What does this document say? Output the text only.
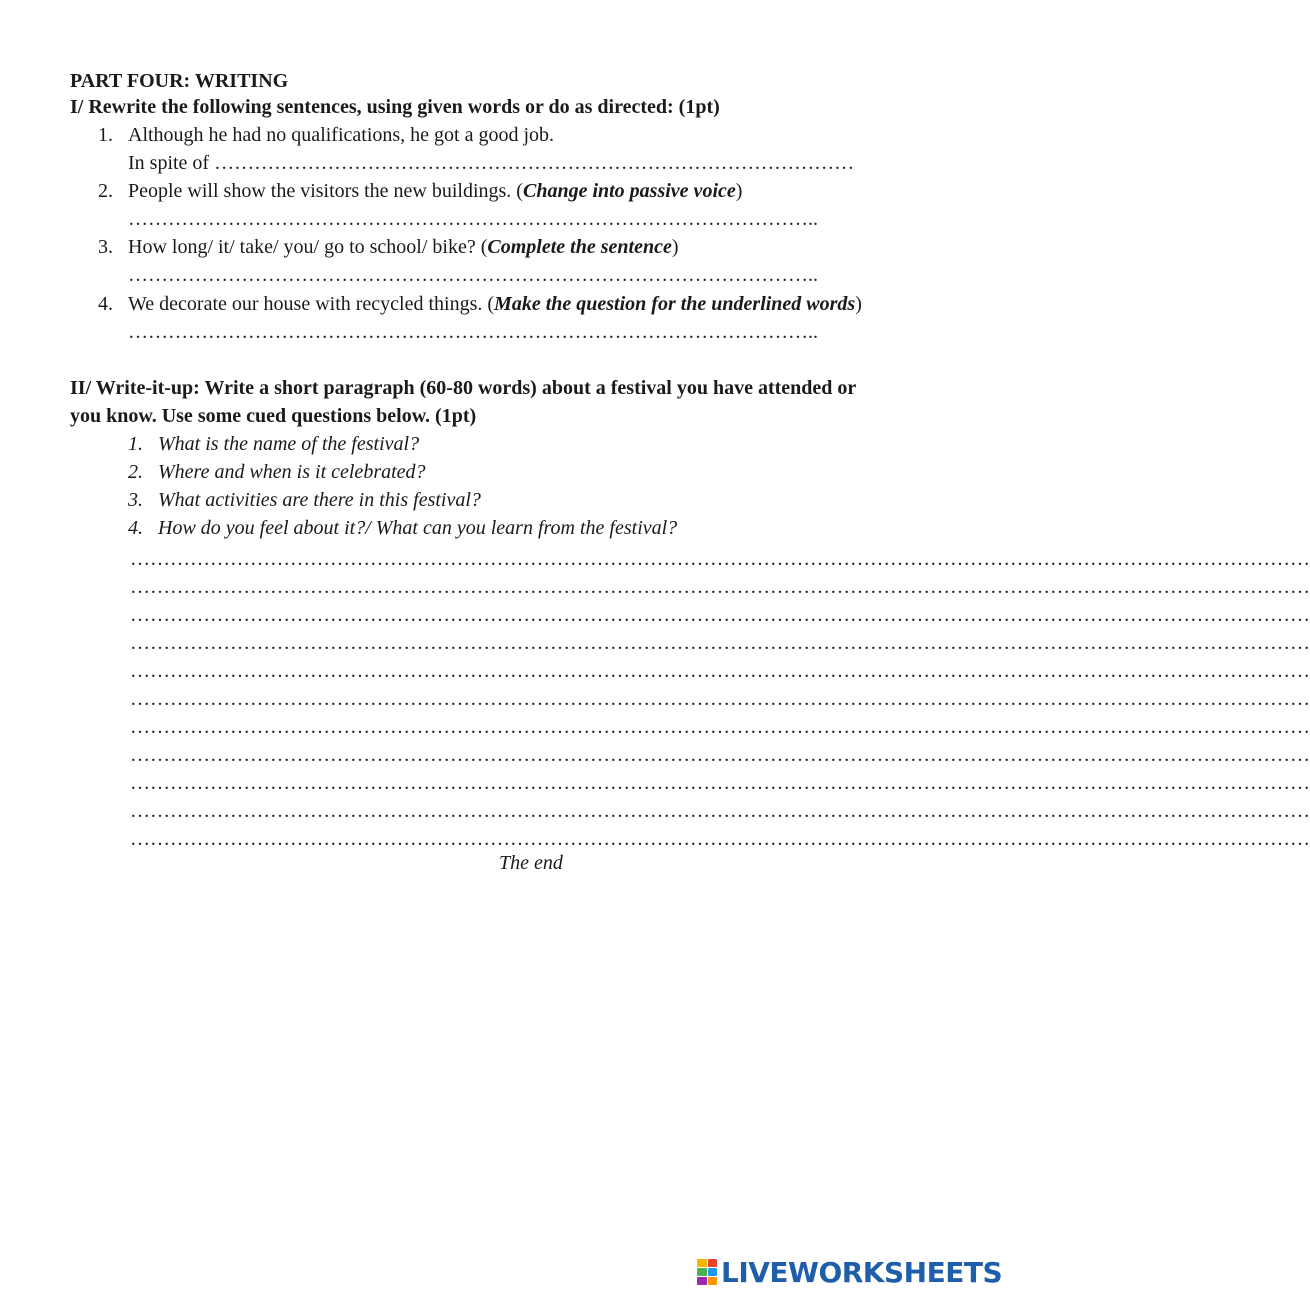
PART FOUR: WRITING
I/ Rewrite the following sentences, using given words or do as directed: (1pt)
1. Although he had no qualifications, he got a good job.
In spite of ……………………………………………………………………………………
2. People will show the visitors the new buildings. (Change into passive voice)
…………………………………………………………………………………………..
3. How long/ it/ take/ you/ go to school/ bike? (Complete the sentence)
…………………………………………………………………………………………..
4. We decorate our house with recycled things. (Make the question for the underlined words)
…………………………………………………………………………………………..
II/ Write-it-up: Write a short paragraph (60-80 words) about a festival you have attended or
you know. Use some cued questions below. (1pt)
1. What is the name of the festival?
2. Where and when is it celebrated?
3. What activities are there in this festival?
4. How do you feel about it?/ What can you learn from the festival?
……………………………………………………………………………………………………………………………………………………………
……………………………………………………………………………………………………………………………………………………………
……………………………………………………………………………………………………………………………………………………………
……………………………………………………………………………………………………………………………………………………………
……………………………………………………………………………………………………………………………………………………………
……………………………………………………………………………………………………………………………………………………………
……………………………………………………………………………………………………………………………………………………………
……………………………………………………………………………………………………………………………………………………………
……………………………………………………………………………………………………………………………………………………………
……………………………………………………………………………………………………………………………………………………………
……………………………………………………………………………………………………………………………………………………………
The end
LIVEWORKSHEETS
